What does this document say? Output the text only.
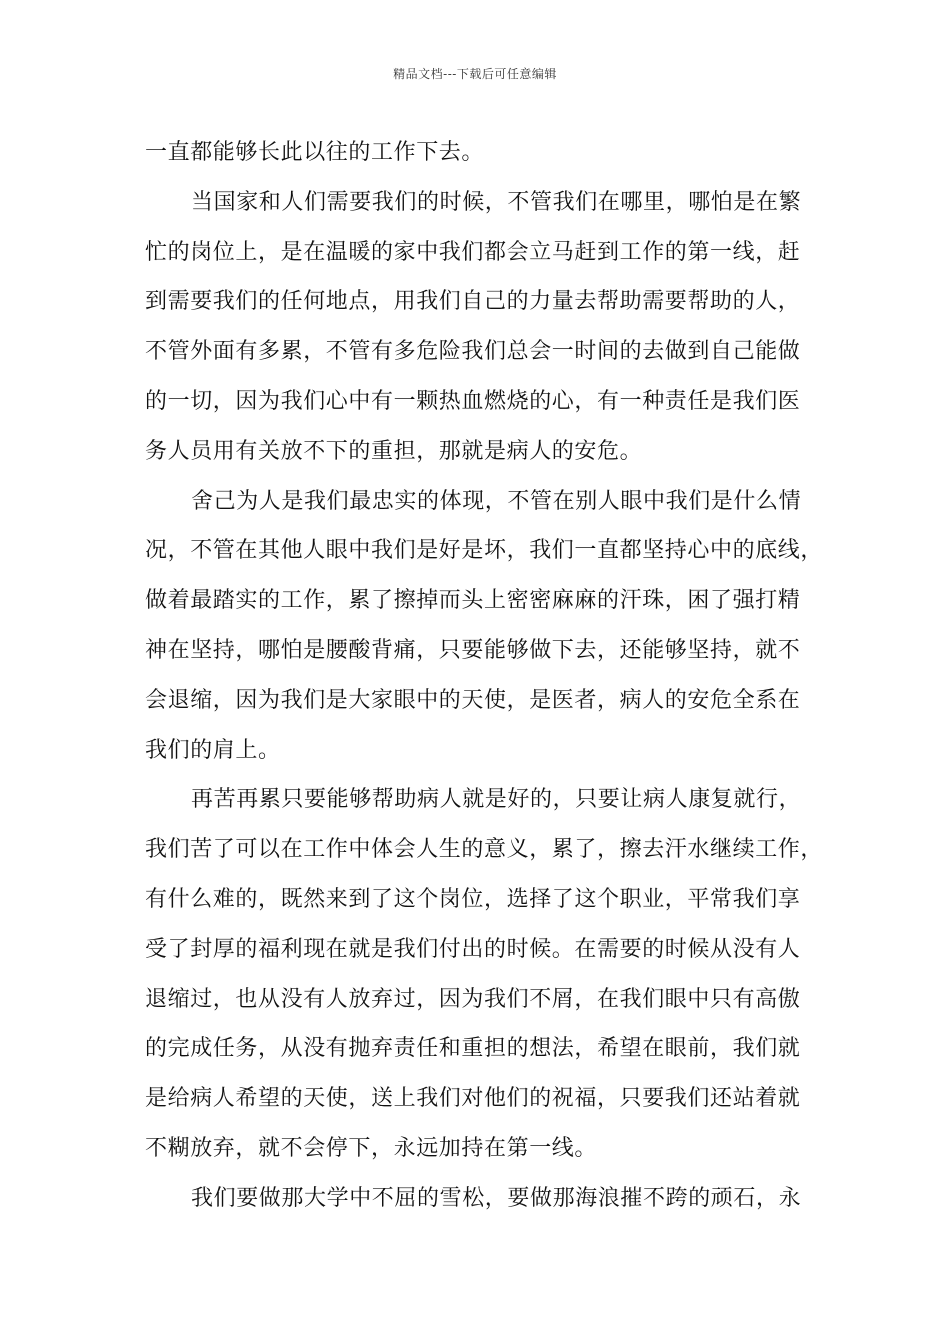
精品文档---下载后可任意编辑
一直都能够长此以往的工作下去。
当国家和人们需要我们的时候，不管我们在哪里，哪怕是在繁
忙的岗位上，是在温暖的家中我们都会立马赶到工作的第一线，赶
到需要我们的任何地点，用我们自己的力量去帮助需要帮助的人，
不管外面有多累，不管有多危险我们总会一时间的去做到自己能做
的一切，因为我们心中有一颗热血燃烧的心，有一种责任是我们医
务人员用有关放不下的重担，那就是病人的安危。
舍己为人是我们最忠实的体现，不管在别人眼中我们是什么情
况，不管在其他人眼中我们是好是坏，我们一直都坚持心中的底线，
做着最踏实的工作，累了擦掉而头上密密麻麻的汗珠，困了强打精
神在坚持，哪怕是腰酸背痛，只要能够做下去，还能够坚持，就不
会退缩，因为我们是大家眼中的天使，是医者，病人的安危全系在
我们的肩上。
再苦再累只要能够帮助病人就是好的，只要让病人康复就行，
我们苦了可以在工作中体会人生的意义，累了，擦去汗水继续工作，
有什么难的，既然来到了这个岗位，选择了这个职业，平常我们享
受了封厚的福利现在就是我们付出的时候。在需要的时候从没有人
退缩过，也从没有人放弃过，因为我们不屑，在我们眼中只有高傲
的完成任务，从没有抛弃责任和重担的想法，希望在眼前，我们就
是给病人希望的天使，送上我们对他们的祝福，只要我们还站着就
不糊放弃，就不会停下，永远加持在第一线。
我们要做那大学中不屈的雪松，要做那海浪摧不跨的顽石，永
